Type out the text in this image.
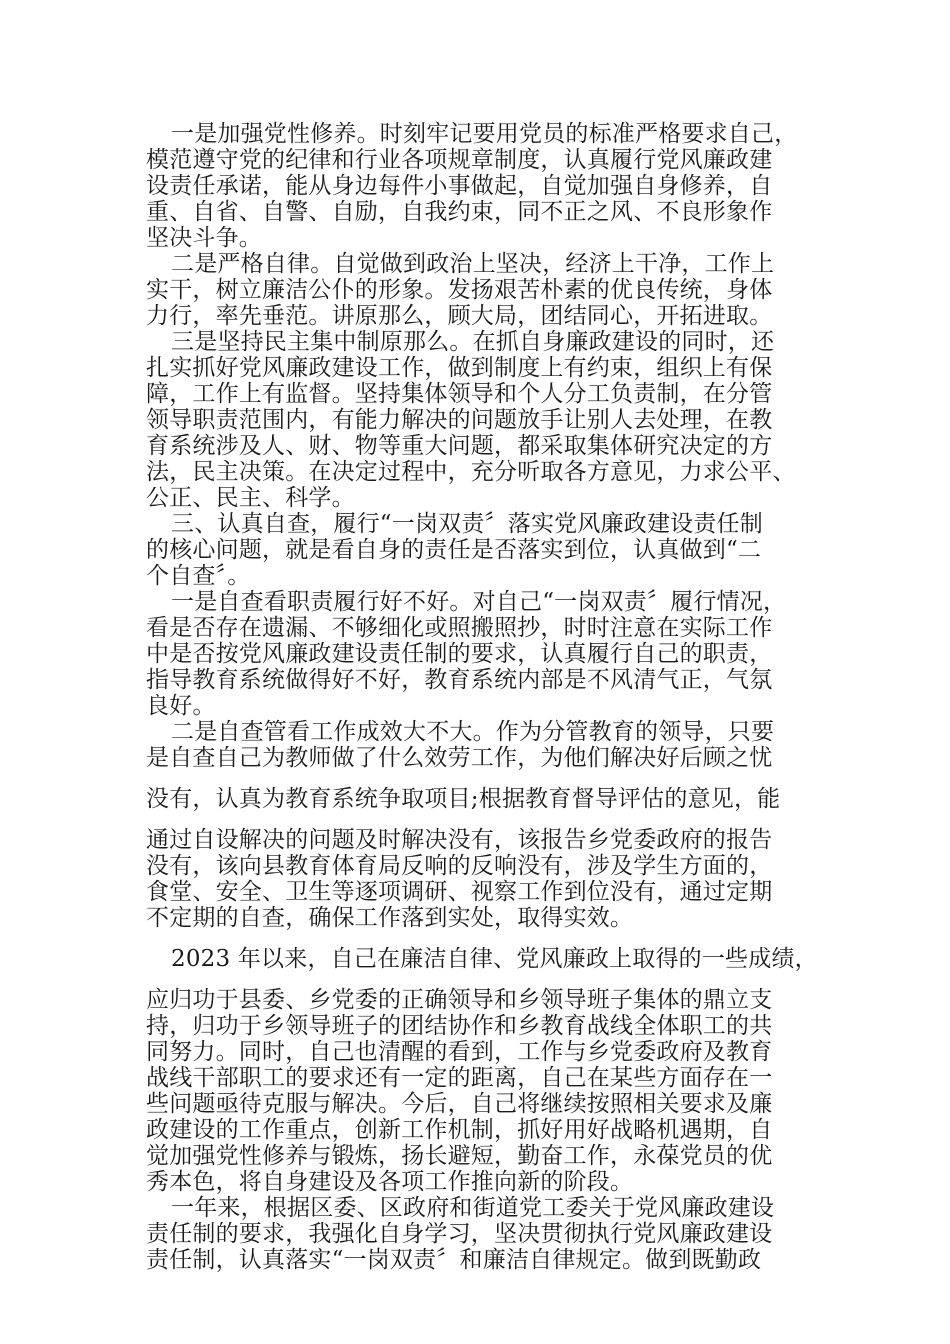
一是加强党性修养。时刻牢记要用党员的标准严格要求自己，
模范遵守党的纪律和行业各项规章制度，认真履行党风廉政建
设责任承诺，能从身边每件小事做起，自觉加强自身修养，自
重、自省、自警、自励，自我约束，同不正之风、不良形象作
坚决斗争。
二是严格自律。自觉做到政治上坚决，经济上干净，工作上
实干，树立廉洁公仆的形象。发扬艰苦朴素的优良传统，身体
力行，率先垂范。讲原那么，顾大局，团结同心，开拓进取。
三是坚持民主集中制原那么。在抓自身廉政建设的同时，还
扎实抓好党风廉政建设工作，做到制度上有约束，组织上有保
障，工作上有监督。坚持集体领导和个人分工负责制，在分管
领导职责范围内，有能力解决的问题放手让别人去处理，在教
育系统涉及人、财、物等重大问题，都采取集体研究决定的方
法，民主决策。在决定过程中，充分听取各方意见，力求公平、
公正、民主、科学。
三、认真自查，履行“一岗双责〞落实党风廉政建设责任制
的核心问题，就是看自身的责任是否落实到位，认真做到“二
个自查〞。
一是自查看职责履行好不好。对自己“一岗双责〞履行情况，
看是否存在遗漏、不够细化或照搬照抄，时时注意在实际工作
中是否按党风廉政建设责任制的要求，认真履行自己的职责，
指导教育系统做得好不好，教育系统内部是不风清气正，气氛
良好。
二是自查管看工作成效大不大。作为分管教育的领导，只要
是自查自己为教师做了什么效劳工作，为他们解决好后顾之忧
没有，认真为教育系统争取项目;根据教育督导评估的意见，能
通过自设解决的问题及时解决没有，该报告乡党委政府的报告
没有，该向县教育体育局反响的反响没有，涉及学生方面的，
食堂、安全、卫生等逐项调研、视察工作到位没有，通过定期
不定期的自查，确保工作落到实处，取得实效。
2023 年以来，自己在廉洁自律、党风廉政上取得的一些成绩，
应归功于县委、乡党委的正确领导和乡领导班子集体的鼎立支
持，归功于乡领导班子的团结协作和乡教育战线全体职工的共
同努力。同时，自己也清醒的看到，工作与乡党委政府及教育
战线干部职工的要求还有一定的距离，自己在某些方面存在一
些问题亟待克服与解决。今后，自己将继续按照相关要求及廉
政建设的工作重点，创新工作机制，抓好用好战略机遇期，自
觉加强党性修养与锻炼，扬长避短，勤奋工作，永葆党员的优
秀本色，将自身建设及各项工作推向新的阶段。
一年来，根据区委、区政府和街道党工委关于党风廉政建设
责任制的要求，我强化自身学习，坚决贯彻执行党风廉政建设
责任制，认真落实“一岗双责〞和廉洁自律规定。做到既勤政
